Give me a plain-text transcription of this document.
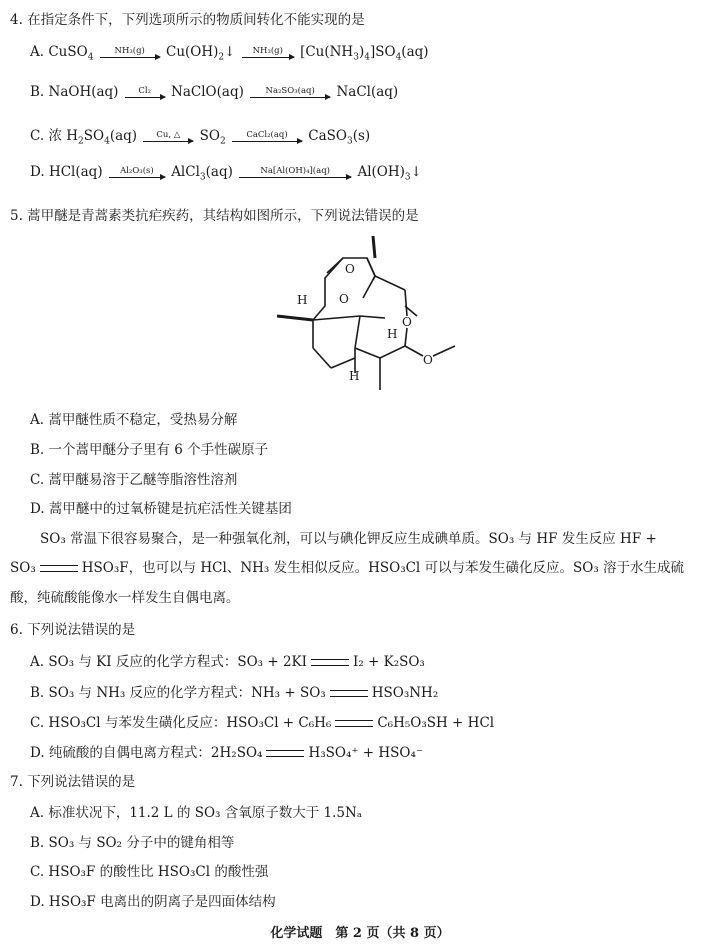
4. 在指定条件下，下列选项所示的物质间转化不能实现的是
A. CuSO$_4$
NH₃(g)	$Cu(OH)_2↓$	NH₃(g)	$[Cu(NH_3)_4]SO_4(aq)$
B. NaOH(aq)	Cl₂	NaClO(aq)	Na₂SO₃(aq)	NaCl(aq)
C. 浓 $H_2SO_4(aq)$	Cu, △	$SO_2$
CaCl₂(aq)	CaSO$_3$(s)
D. HCl(aq)	Al₂O₃(s)	AlCl$_3$(aq)	Na[Al(OH)₄](aq)	$Al(OH)_3↓$
5. 蒿甲醚是青蒿素类抗疟疾药，其结构如图所示，下列说法错误的是
H
H
H
O
O
O
O
A. 蒿甲醚性质不稳定，受热易分解
B. 一个蒿甲醚分子里有 6 个手性碳原子
C. 蒿甲醚易溶于乙醚等脂溶性溶剂
D. 蒿甲醚中的过氧桥键是抗疟活性关键基团
SO₃ 常温下很容易聚合，是一种强氧化剂，可以与碘化钾反应生成碘单质。SO₃ 与 HF 发生反应 HF +
SO₃	HSO₃F，也可以与 HCl、NH₃ 发生相似反应。HSO₃Cl 可以与苯发生磺化反应。SO₃ 溶于水生成硫
酸，纯硫酸能像水一样发生自偶电离。
6. 下列说法错误的是
A. SO₃ 与 KI 反应的化学方程式：SO₃ + 2KI	I₂ + K₂SO₃
B. SO₃ 与 NH₃ 反应的化学方程式：NH₃ + SO₃	HSO₃NH₂
C. HSO₃Cl 与苯发生磺化反应：HSO₃Cl + C₆H₆	C₆H₅O₃SH + HCl
D. 纯硫酸的自偶电离方程式：2H₂SO₄	H₃SO₄⁺ + HSO₄⁻
7. 下列说法错误的是
A. 标准状况下，11.2 L 的 SO₃ 含氧原子数大于 1.5Nₐ
B. SO₃ 与 SO₂ 分子中的键角相等
C. HSO₃F 的酸性比 HSO₃Cl 的酸性强
D. HSO₃F 电离出的阴离子是四面体结构
化学试题　第 2 页（共 8 页）
